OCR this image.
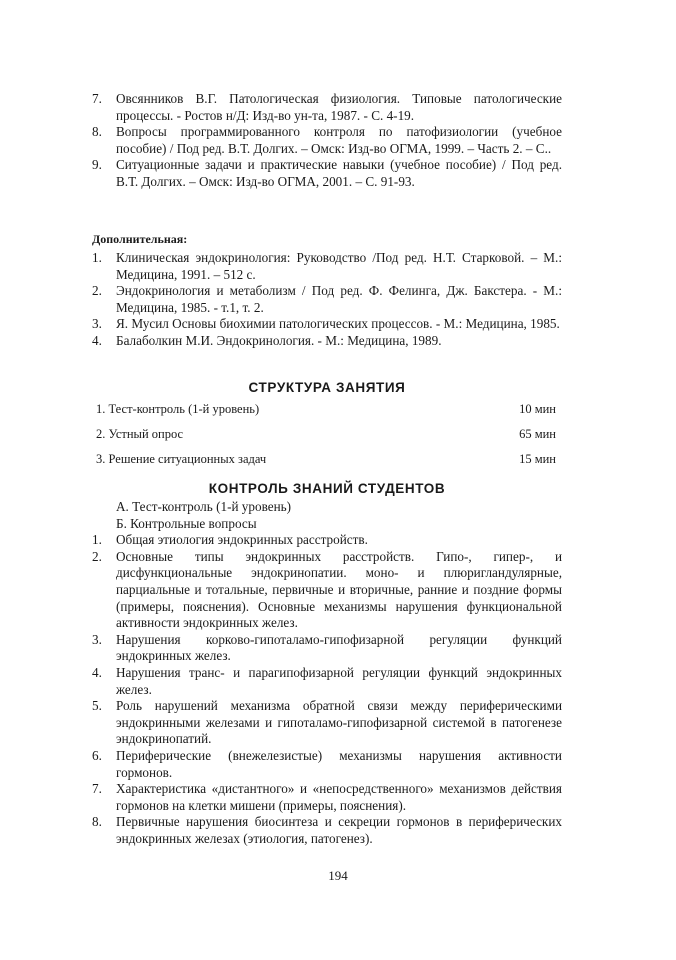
7.	Овсянников В.Г. Патологическая физиология. Типовые патологические процессы. - Ростов н/Д: Изд-во ун-та, 1987. - С. 4-19.
8.	Вопросы программированного контроля по патофизиологии (учебное пособие) / Под ред. В.Т. Долгих. – Омск: Изд-во ОГМА, 1999. – Часть 2. – С..
9.	Ситуационные задачи и практические навыки (учебное пособие) / Под ред. В.Т. Долгих. – Омск: Изд-во ОГМА, 2001. – С. 91-93.

Дополнительная:

1.	Клиническая эндокринология: Руководство /Под ред. Н.Т. Старковой. – М.: Медицина, 1991. – 512 с.
2.	Эндокринология и метаболизм / Под ред. Ф. Фелинга, Дж. Бакстера. - М.: Медицина, 1985. - т.1, т. 2.
3.	Я. Мусил Основы биохимии патологических процессов. - М.: Медицина, 1985.
4.	Балаболкин М.И. Эндокринология. - М.: Медицина, 1989.
СТРУКТУРА ЗАНЯТИЯ
1. Тест-контроль (1-й уровень)	10 мин
2. Устный опрос	65 мин
3. Решение ситуационных задач	15 мин
КОНТРОЛЬ ЗНАНИЙ СТУДЕНТОВ
А. Тест-контроль (1-й уровень)
Б. Контрольные вопросы
1.	Общая этиология эндокринных расстройств.
2.	Основные типы эндокринных расстройств. Гипо-, гипер-, и дисфункциональные эндокринопатии. моно- и плюригландулярные, парциальные и тотальные, первичные и вторичные, ранние и поздние формы (примеры, пояснения). Основные механизмы нарушения функциональной активности эндокринных желез.
3.	Нарушения корково-гипоталамо-гипофизарной регуляции функций эндокринных желез.
4.	Нарушения транс- и парагипофизарной регуляции функций эндокринных желез.
5.	Роль нарушений механизма обратной связи между периферическими эндокринными железами и гипоталамо-гипофизарной системой в патогенезе эндокринопатий.
6.	Периферические (внежелезистые) механизмы нарушения активности гормонов.
7.	Характеристика «дистантного» и «непосредственного» механизмов действия гормонов на клетки мишени (примеры, пояснения).
8.	Первичные нарушения биосинтеза и секреции гормонов в периферических эндокринных железах (этиология, патогенез).
194
